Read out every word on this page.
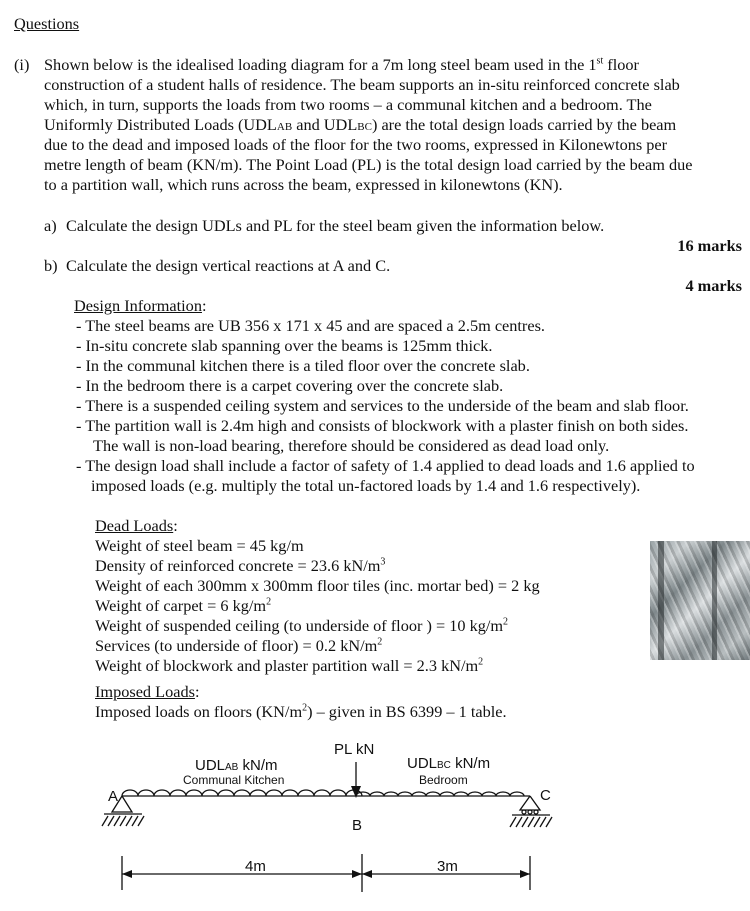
Questions
(i) Shown below is the idealised loading diagram for a 7m long steel beam used in the 1st floor
construction of a student halls of residence. The beam supports an in-situ reinforced concrete slab
which, in turn, supports the loads from two rooms – a communal kitchen and a bedroom. The
Uniformly Distributed Loads (UDLAB and UDLBC) are the total design loads carried by the beam
due to the dead and imposed loads of the floor for the two rooms, expressed in Kilonewtons per
metre length of beam (KN/m). The Point Load (PL) is the total design load carried by the beam due
to a partition wall, which runs across the beam, expressed in kilonewtons (KN).
a) Calculate the design UDLs and PL for the steel beam given the information below.
16 marks
b) Calculate the design vertical reactions at A and C.
4 marks
Design Information:
- The steel beams are UB 356 x 171 x 45 and are spaced a 2.5m centres.
- In-situ concrete slab spanning over the beams is 125mm thick.
- In the communal kitchen there is a tiled floor over the concrete slab.
- In the bedroom there is a carpet covering over the concrete slab.
- There is a suspended ceiling system and services to the underside of the beam and slab floor.
- The partition wall is 2.4m high and consists of blockwork with a plaster finish on both sides.
The wall is non-load bearing, therefore should be considered as dead load only.
- The design load shall include a factor of safety of 1.4 applied to dead loads and 1.6 applied to
imposed loads (e.g. multiply the total un-factored loads by 1.4 and 1.6 respectively).
Dead Loads:
Weight of steel beam = 45 kg/m
Density of reinforced concrete = 23.6 $kN/m^3$
Weight of each 300mm x 300mm floor tiles (inc. mortar bed) = 2 kg
Weight of carpet = 6 $kg/m^2$
Weight of suspended ceiling (to underside of floor ) = 10 $kg/m^2$
Services (to underside of floor) = 0.2 $kN/m^2$
Weight of blockwork and plaster partition wall = 2.3 $kN/m^2$
Imposed Loads:
Imposed loads on floors $(KN/m^2)$ – given in BS 6399 – 1 table.
PL kN
UDLAB kN/m
Communal Kitchen
UDLBC kN/m
Bedroom
A
B
C
4m	3m
